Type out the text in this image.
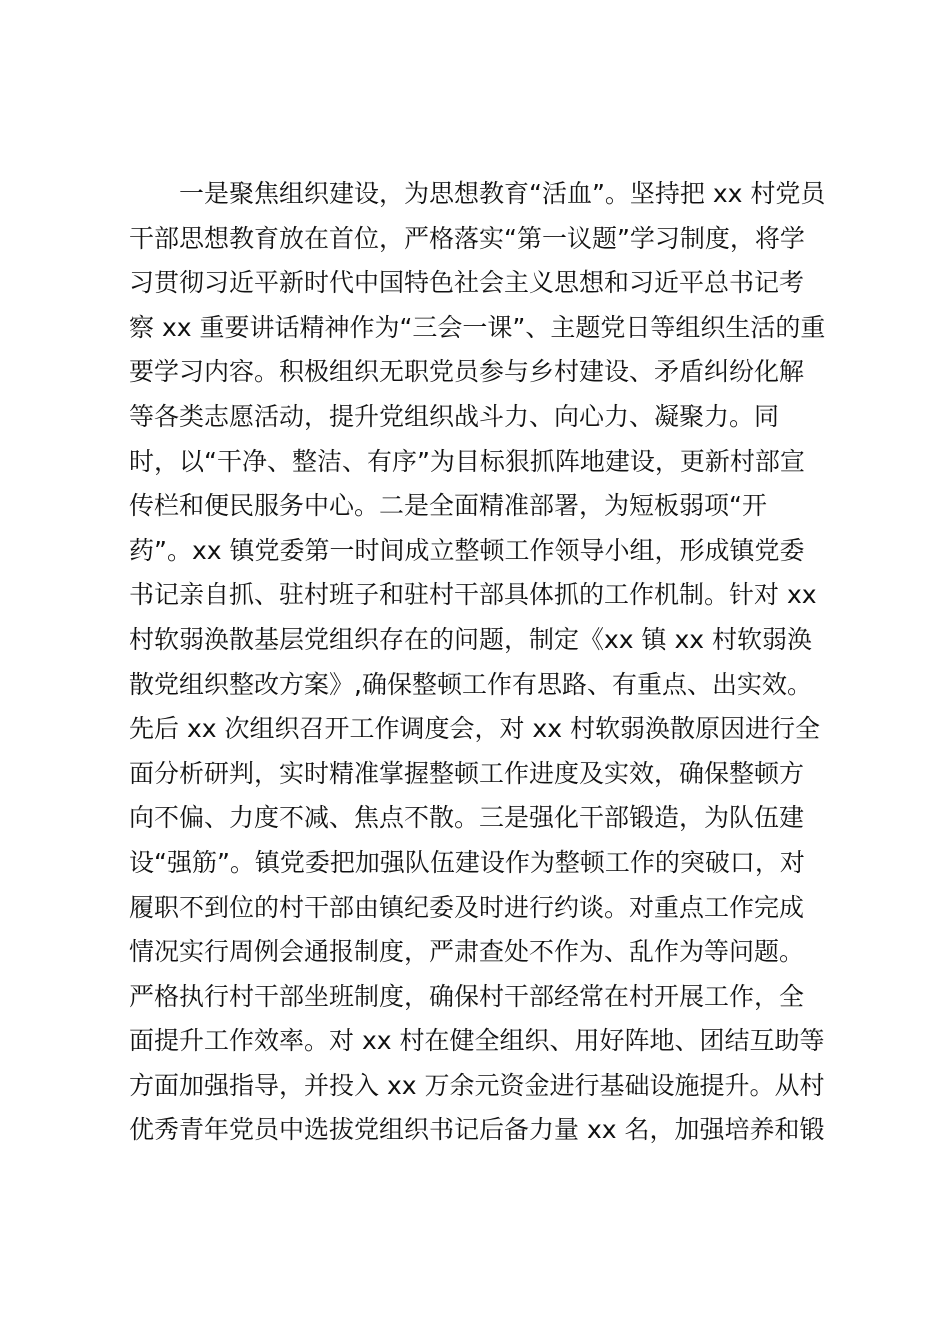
　　一是聚焦组织建设，为思想教育“活血”。坚持把 xx 村党员
干部思想教育放在首位，严格落实“第一议题”学习制度，将学
习贯彻习近平新时代中国特色社会主义思想和习近平总书记考
察 xx 重要讲话精神作为“三会一课”、主题党日等组织生活的重
要学习内容。积极组织无职党员参与乡村建设、矛盾纠纷化解
等各类志愿活动，提升党组织战斗力、向心力、凝聚力。同
时，以“干净、整洁、有序”为目标狠抓阵地建设，更新村部宣
传栏和便民服务中心。二是全面精准部署，为短板弱项“开
药”。xx 镇党委第一时间成立整顿工作领导小组，形成镇党委
书记亲自抓、驻村班子和驻村干部具体抓的工作机制。针对 xx
村软弱涣散基层党组织存在的问题，制定《xx 镇 xx 村软弱涣
散党组织整改方案》,确保整顿工作有思路、有重点、出实效。
先后 xx 次组织召开工作调度会，对 xx 村软弱涣散原因进行全
面分析研判，实时精准掌握整顿工作进度及实效，确保整顿方
向不偏、力度不减、焦点不散。三是强化干部锻造，为队伍建
设“强筋”。镇党委把加强队伍建设作为整顿工作的突破口，对
履职不到位的村干部由镇纪委及时进行约谈。对重点工作完成
情况实行周例会通报制度，严肃查处不作为、乱作为等问题。
严格执行村干部坐班制度，确保村干部经常在村开展工作，全
面提升工作效率。对 xx 村在健全组织、用好阵地、团结互助等
方面加强指导，并投入 xx 万余元资金进行基础设施提升。从村
优秀青年党员中选拔党组织书记后备力量 xx 名，加强培养和锻
